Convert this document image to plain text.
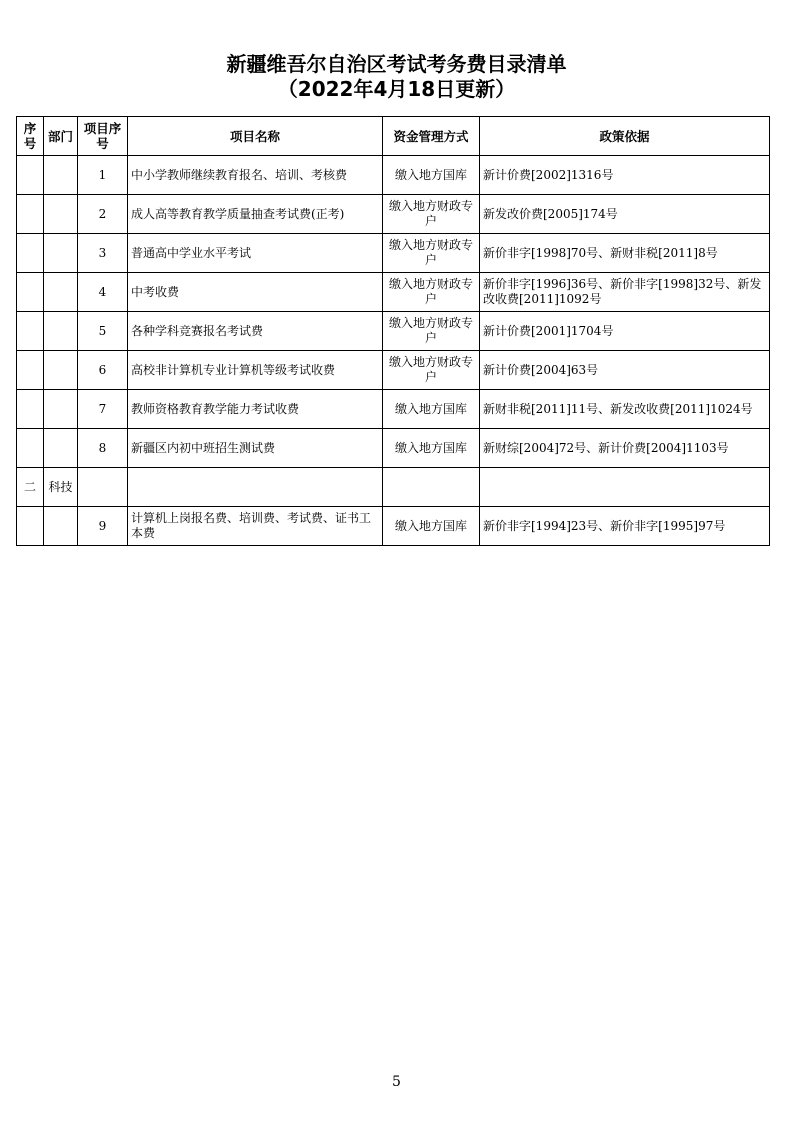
新疆维吾尔自治区考试考务费目录清单
（2022年4月18日更新）
序号	部门	项目序号	项目名称	资金管理方式	政策依据
		1	中小学教师继续教育报名、培训、考核费	缴入地方国库	新计价费[2002]1316号
		2	成人高等教育教学质量抽查考试费(正考)	缴入地方财政专户	新发改价费[2005]174号
		3	普通高中学业水平考试	缴入地方财政专户	新价非字[1998]70号、新财非税[2011]8号
		4	中考收费	缴入地方财政专户	新价非字[1996]36号、新价非字[1998]32号、新发改收费[2011]1092号
		5	各种学科竞赛报名考试费	缴入地方财政专户	新计价费[2001]1704号
		6	高校非计算机专业计算机等级考试收费	缴入地方财政专户	新计价费[2004]63号
		7	教师资格教育教学能力考试收费	缴入地方国库	新财非税[2011]11号、新发改收费[2011]1024号
		8	新疆区内初中班招生测试费	缴入地方国库	新财综[2004]72号、新计价费[2004]1103号
二	科技				
		9	计算机上岗报名费、培训费、考试费、证书工本费	缴入地方国库	新价非字[1994]23号、新价非字[1995]97号
5
